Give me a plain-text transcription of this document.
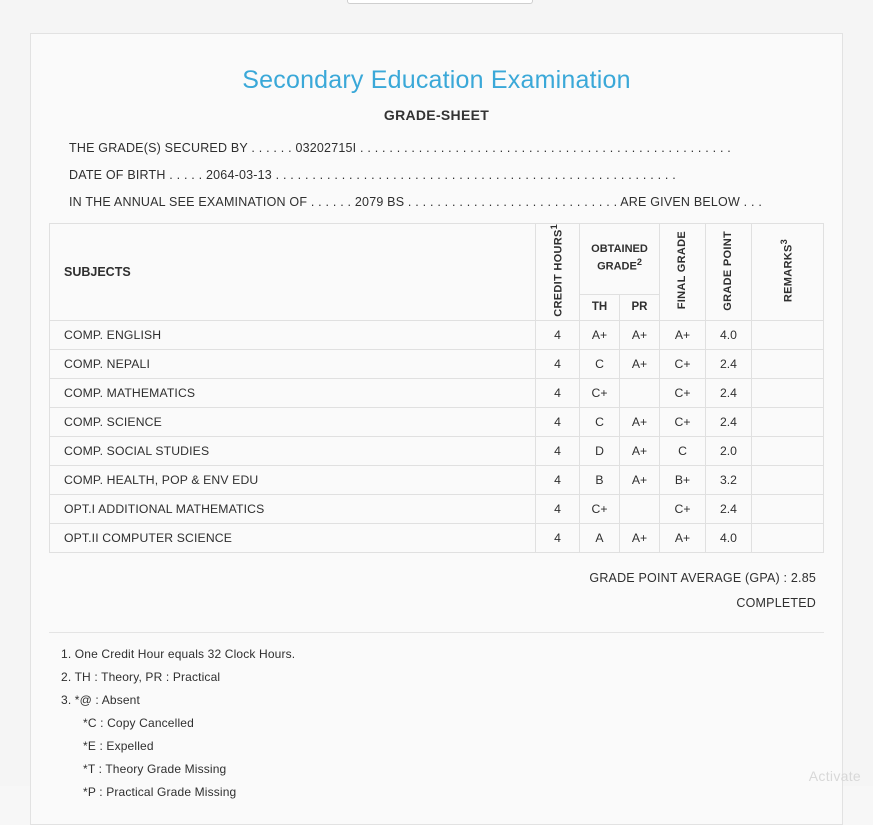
Secondary Education Examination
GRADE-SHEET
THE GRADE(S) SECURED BY . . . . . . 03202715I . . . . . . . . . . . . . . . . . . . . . . . . . . . . . . . . . . . . . . . . . . . . . . . . . . .
DATE OF BIRTH . . . . . 2064-03-13 . . . . . . . . . . . . . . . . . . . . . . . . . . . . . . . . . . . . . . . . . . . . . . . . . . . . . . .
IN THE ANNUAL SEE EXAMINATION OF . . . . . . 2079 BS . . . . . . . . . . . . . . . . . . . . . . . . . . . . . ARE GIVEN BELOW . . .
SUBJECTS	CREDIT HOURS$^1$	OBTAINED GRADE$^2$		FINAL GRADE	GRADE POINT	REMARKS$^3$
		TH	PR			
COMP. ENGLISH	4	A+	A+	A+	4.0	
COMP. NEPALI	4	C	A+	C+	2.4	
COMP. MATHEMATICS	4	C+		C+	2.4	
COMP. SCIENCE	4	C	A+	C+	2.4	
COMP. SOCIAL STUDIES	4	D	A+	C	2.0	
COMP. HEALTH, POP & ENV EDU	4	B	A+	B+	3.2	
OPT.I ADDITIONAL MATHEMATICS	4	C+		C+	2.4	
OPT.II COMPUTER SCIENCE	4	A	A+	A+	4.0	
GRADE POINT AVERAGE (GPA) : 2.85
COMPLETED
1. One Credit Hour equals 32 Clock Hours.
2. TH : Theory, PR : Practical
3. *@ : Absent
*C : Copy Cancelled
*E : Expelled
*T : Theory Grade Missing
*P : Practical Grade Missing
Activate
